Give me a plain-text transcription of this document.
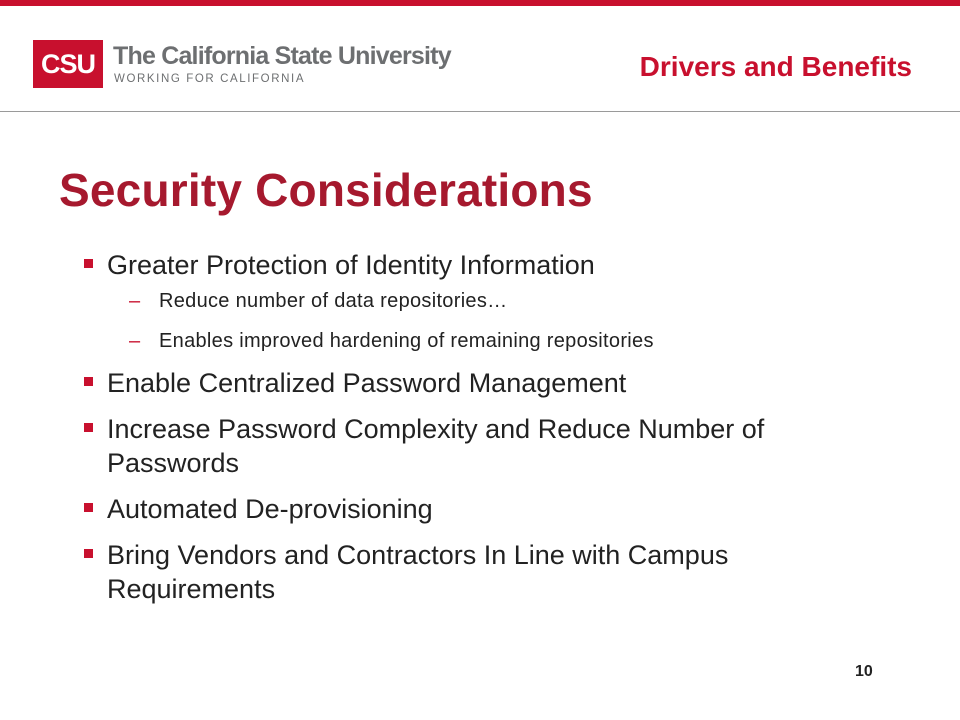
CSU The California State University
WORKING FOR CALIFORNIA	Drivers and Benefits
Security Considerations
Greater Protection of Identity Information
– Reduce number of data repositories…
– Enables improved hardening of remaining repositories
Enable Centralized Password Management
Increase Password Complexity and Reduce Number of Passwords
Automated De-provisioning
Bring Vendors and Contractors In Line with Campus Requirements
10
